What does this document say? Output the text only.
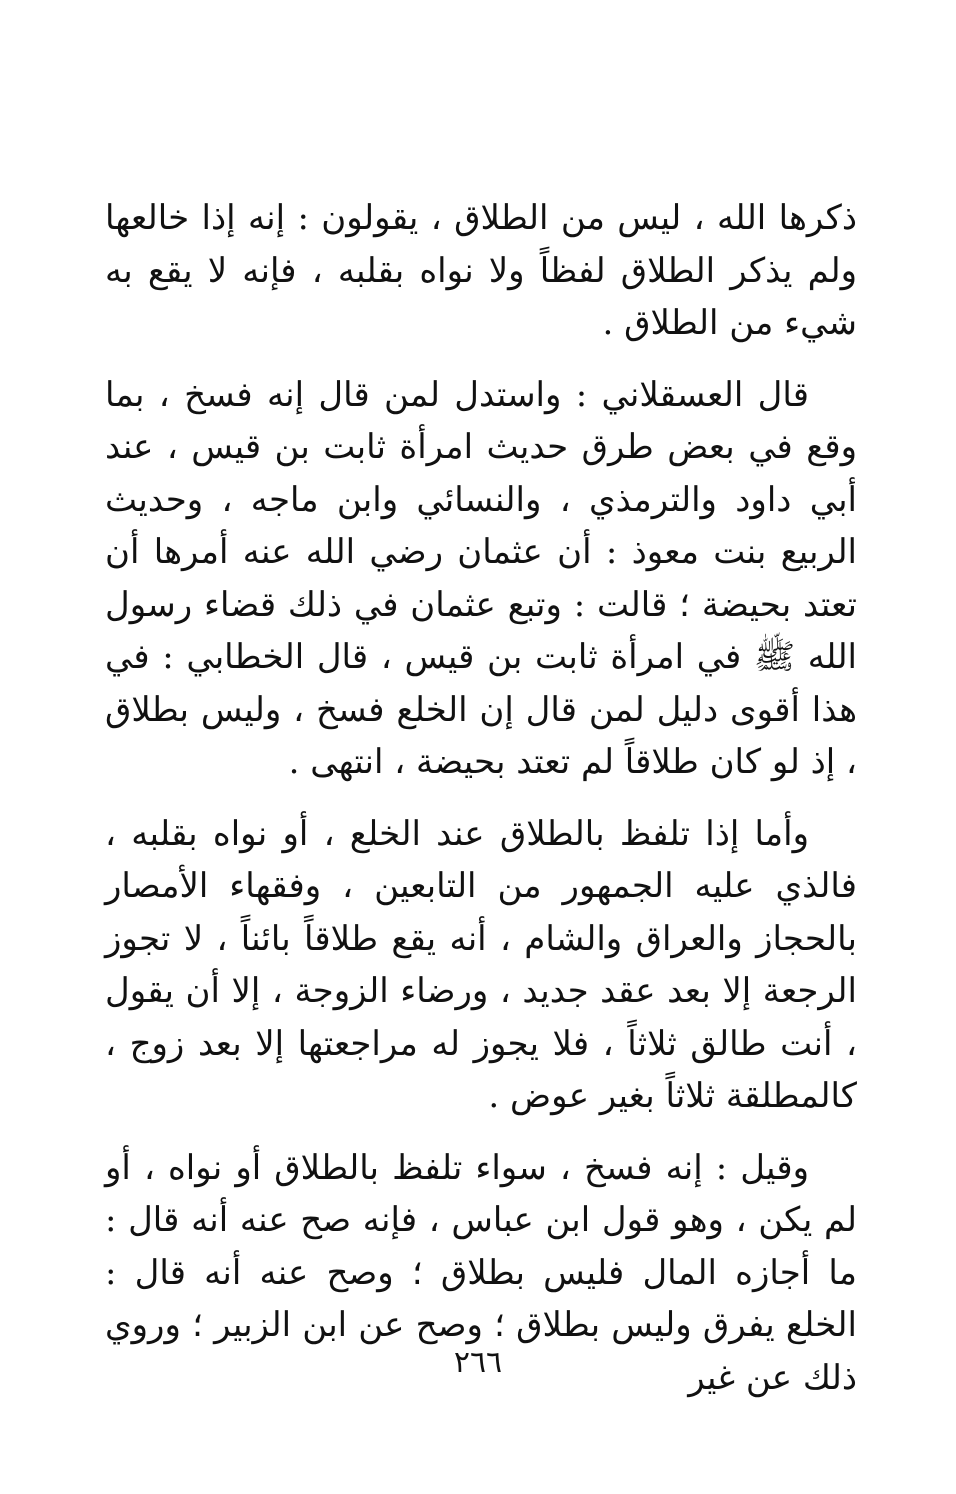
ذكرها الله ، ليس من الطلاق ، يقولون : إنه إذا خالعها ولم يذكر الطلاق لفظاً ولا نواه بقلبه ، فإنه لا يقع به شيء من الطلاق .

قال العسقلاني : واستدل لمن قال إنه فسخ ، بما وقع في بعض طرق حديث امرأة ثابت بن قيس ، عند أبي داود والترمذي ، والنسائي وابن ماجه ، وحديث الربيع بنت معوذ : أن عثمان رضي الله عنه أمرها أن تعتد بحيضة ؛ قالت : وتبع عثمان في ذلك قضاء رسول الله ﷺ في امرأة ثابت بن قيس ، قال الخطابي : في هذا أقوى دليل لمن قال إن الخلع فسخ ، وليس بطلاق ، إذ لو كان طلاقاً لم تعتد بحيضة ، انتهى .

وأما إذا تلفظ بالطلاق عند الخلع ، أو نواه بقلبه ، فالذي عليه الجمهور من التابعين ، وفقهاء الأمصار بالحجاز والعراق والشام ، أنه يقع طلاقاً بائناً ، لا تجوز الرجعة إلا بعد عقد جديد ، ورضاء الزوجة ، إلا أن يقول ، أنت طالق ثلاثاً ، فلا يجوز له مراجعتها إلا بعد زوج ، كالمطلقة ثلاثاً بغير عوض .

وقيل : إنه فسخ ، سواء تلفظ بالطلاق أو نواه ، أو لم يكن ، وهو قول ابن عباس ، فإنه صح عنه أنه قال : ما أجازه المال فليس بطلاق ؛ وصح عنه أنه قال : الخلع يفرق وليس بطلاق ؛ وصح عن ابن الزبير ؛ وروي ذلك عن غير

٢٦٦
